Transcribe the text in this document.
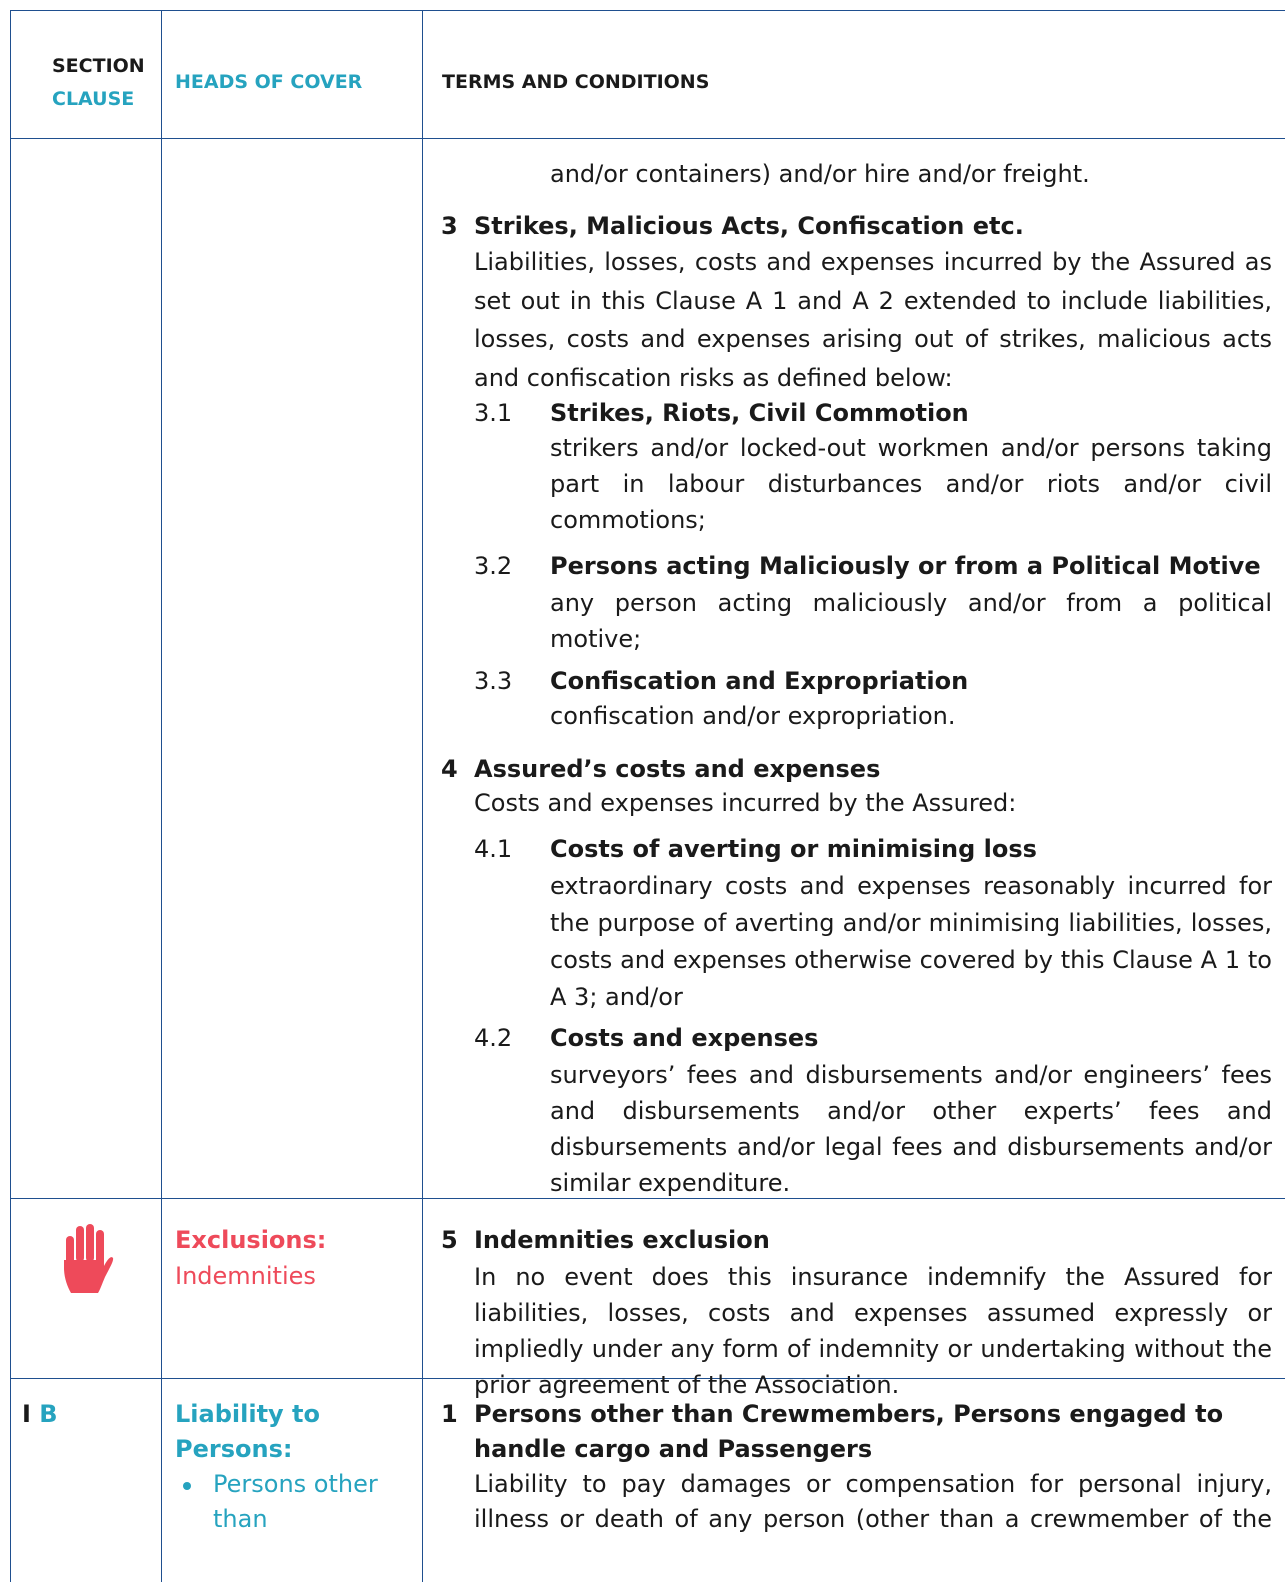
SECTION
CLAUSE
HEADS OF COVER	TERMS AND CONDITIONS
and/or containers) and/or hire and/or freight.
3 Strikes, Malicious Acts, Confiscation etc.
Liabilities, losses, costs and expenses incurred by the Assured as set out in this Clause A 1 and A 2 extended to include liabilities, losses, costs and expenses arising out of strikes, malicious acts and confiscation risks as defined below:
3.1 Strikes, Riots, Civil Commotion
strikers and/or locked-out workmen and/or persons taking part in labour disturbances and/or riots and/or civil commotions;
3.2 Persons acting Maliciously or from a Political Motive
any person acting maliciously and/or from a political motive;
3.3 Confiscation and Expropriation
confiscation and/or expropriation.
4 Assured’s costs and expenses
Costs and expenses incurred by the Assured:
4.1 Costs of averting or minimising loss
extraordinary costs and expenses reasonably incurred for the purpose of averting and/or minimising liabilities, losses, costs and expenses otherwise covered by this Clause A 1 to A 3; and/or
4.2 Costs and expenses
surveyors’ fees and disbursements and/or engineers’ fees and disbursements and/or other experts’ fees and disbursements and/or legal fees and disbursements and/or similar expenditure.
Exclusions:
Indemnities
5 Indemnities exclusion
In no event does this insurance indemnify the Assured for liabilities, losses, costs and expenses assumed expressly or impliedly under any form of indemnity or undertaking without the prior agreement of the Association.
I B	Liability to
Persons:
Persons other
than
1 Persons other than Crewmembers, Persons engaged to
handle cargo and Passengers
Liability to pay damages or compensation for personal injury,
illness or death of any person (other than a crewmember of the
